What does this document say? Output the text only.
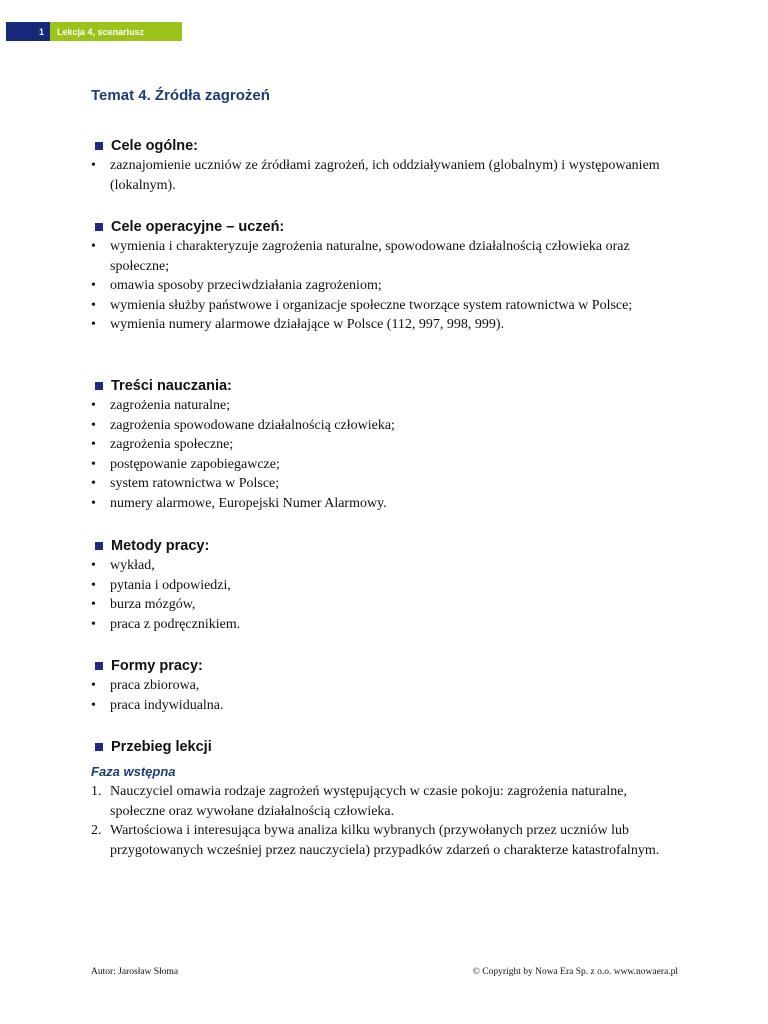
1 Lekcja 4, scenariusz
Temat 4. Źródła zagrożeń
Cele ogólne:
• zaznajomienie uczniów ze źródłami zagrożeń, ich oddziaływaniem (globalnym) i występowaniem (lokalnym).
Cele operacyjne – uczeń:
• wymienia i charakteryzuje zagrożenia naturalne, spowodowane działalnością człowieka oraz społeczne;
• omawia sposoby przeciwdziałania zagrożeniom;
• wymienia służby państwowe i organizacje społeczne tworzące system ratownictwa w Polsce;
• wymienia numery alarmowe działające w Polsce (112, 997, 998, 999).
Treści nauczania:
• zagrożenia naturalne;
• zagrożenia spowodowane działalnością człowieka;
• zagrożenia społeczne;
• postępowanie zapobiegawcze;
• system ratownictwa w Polsce;
• numery alarmowe, Europejski Numer Alarmowy.
Metody pracy:
• wykład,
• pytania i odpowiedzi,
• burza mózgów,
• praca z podręcznikiem.
Formy pracy:
• praca zbiorowa,
• praca indywidualna.
Przebieg lekcji
Faza wstępna
1. Nauczyciel omawia rodzaje zagrożeń występujących w czasie pokoju: zagrożenia naturalne, społeczne oraz wywołane działalnością człowieka.
2. Wartościowa i interesująca bywa analiza kilku wybranych (przywołanych przez uczniów lub przygotowanych wcześniej przez nauczyciela) przypadków zdarzeń o charakterze katastrofalnym.
Autor: Jarosław Słoma	© Copyright by Nowa Era Sp. z o.o. www.nowaera.pl
